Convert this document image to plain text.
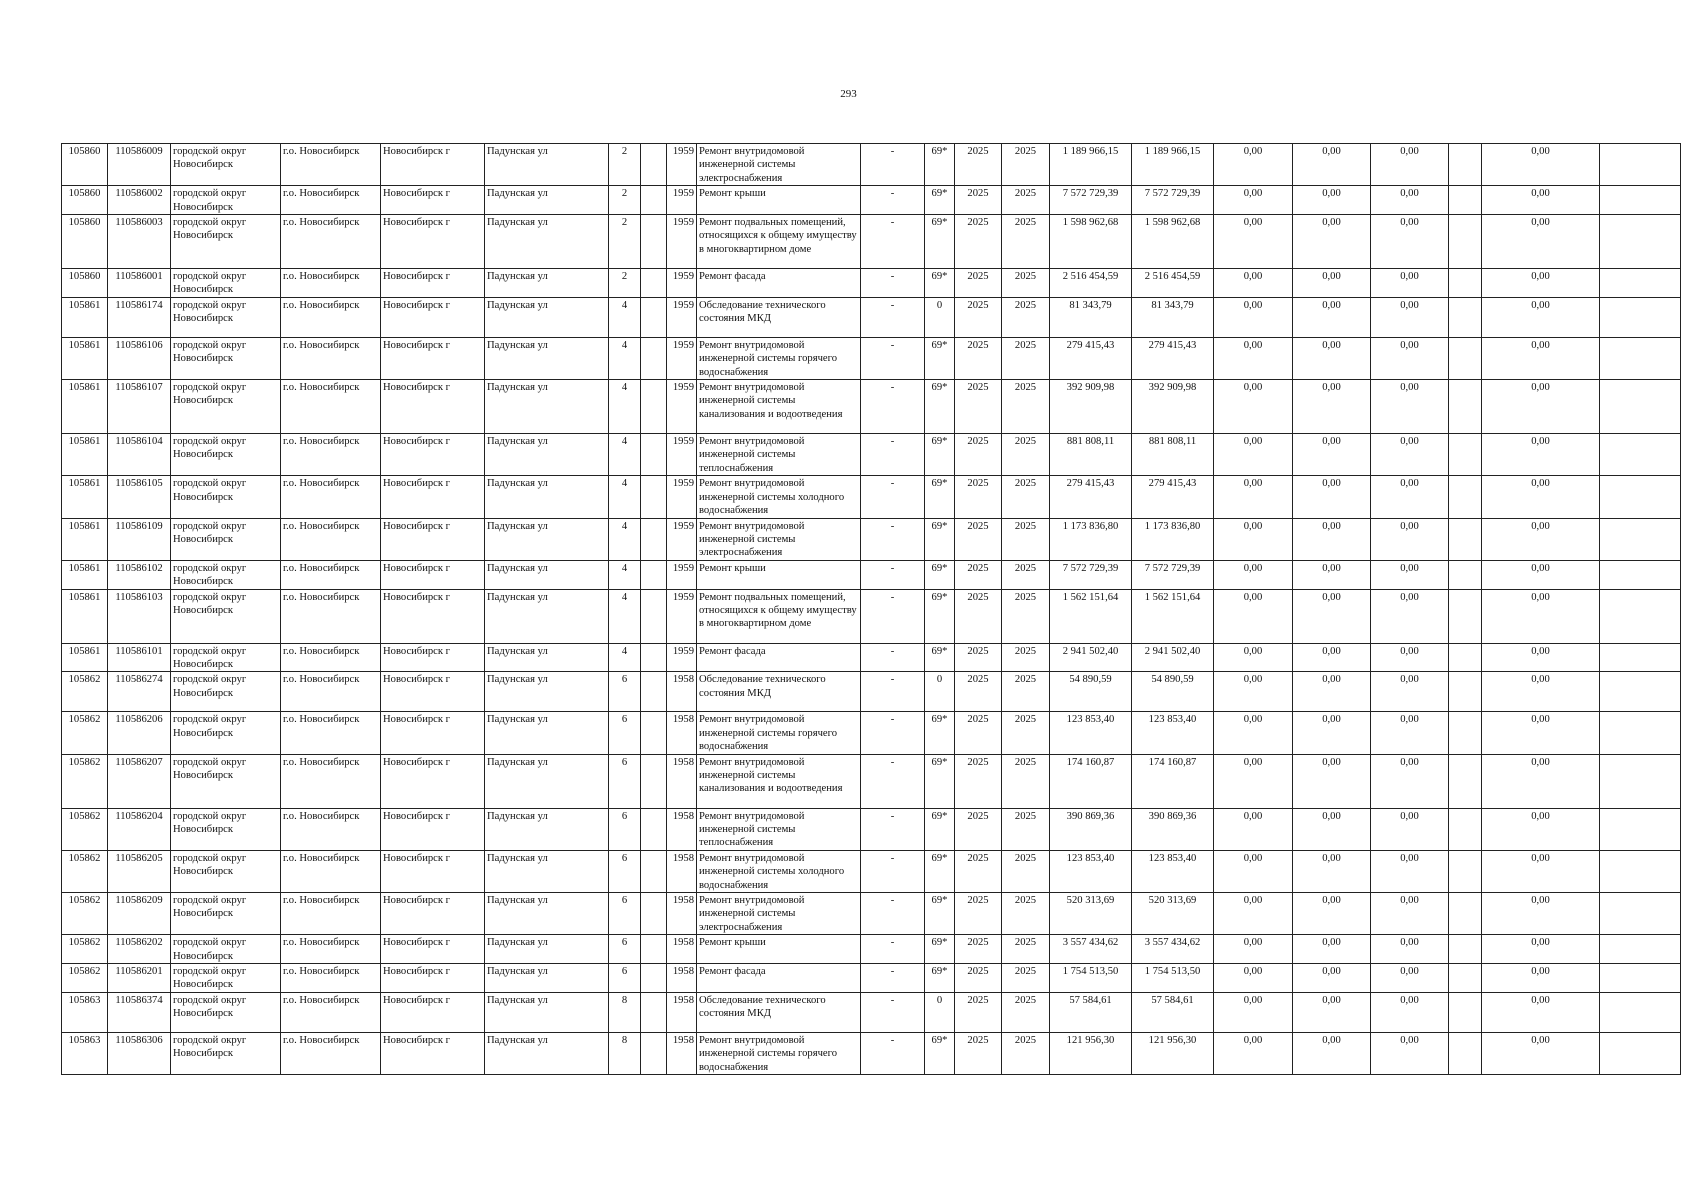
293
105860	110586009	городской округ Новосибирск	г.о. Новосибирск	Новосибирск г	Падунская ул	2		1959	Ремонт внутридомовой инженерной системы электроснабжения	-	69*	2025	2025	1 189 966,15	1 189 966,15	0,00	0,00	0,00		0,00	
105860	110586002	городской округ Новосибирск	г.о. Новосибирск	Новосибирск г	Падунская ул	2		1959	Ремонт крыши	-	69*	2025	2025	7 572 729,39	7 572 729,39	0,00	0,00	0,00		0,00	
105860	110586003	городской округ Новосибирск	г.о. Новосибирск	Новосибирск г	Падунская ул	2		1959	Ремонт подвальных помещений, относящихся к общему имуществу в многоквартирном доме	-	69*	2025	2025	1 598 962,68	1 598 962,68	0,00	0,00	0,00		0,00	
105860	110586001	городской округ Новосибирск	г.о. Новосибирск	Новосибирск г	Падунская ул	2		1959	Ремонт фасада	-	69*	2025	2025	2 516 454,59	2 516 454,59	0,00	0,00	0,00		0,00	
105861	110586174	городской округ Новосибирск	г.о. Новосибирск	Новосибирск г	Падунская ул	4		1959	Обследование технического состояния МКД	-	0	2025	2025	81 343,79	81 343,79	0,00	0,00	0,00		0,00	
105861	110586106	городской округ Новосибирск	г.о. Новосибирск	Новосибирск г	Падунская ул	4		1959	Ремонт внутридомовой инженерной системы горячего водоснабжения	-	69*	2025	2025	279 415,43	279 415,43	0,00	0,00	0,00		0,00	
105861	110586107	городской округ Новосибирск	г.о. Новосибирск	Новосибирск г	Падунская ул	4		1959	Ремонт внутридомовой инженерной системы канализования и водоотведения	-	69*	2025	2025	392 909,98	392 909,98	0,00	0,00	0,00		0,00	
105861	110586104	городской округ Новосибирск	г.о. Новосибирск	Новосибирск г	Падунская ул	4		1959	Ремонт внутридомовой инженерной системы теплоснабжения	-	69*	2025	2025	881 808,11	881 808,11	0,00	0,00	0,00		0,00	
105861	110586105	городской округ Новосибирск	г.о. Новосибирск	Новосибирск г	Падунская ул	4		1959	Ремонт внутридомовой инженерной системы холодного водоснабжения	-	69*	2025	2025	279 415,43	279 415,43	0,00	0,00	0,00		0,00	
105861	110586109	городской округ Новосибирск	г.о. Новосибирск	Новосибирск г	Падунская ул	4		1959	Ремонт внутридомовой инженерной системы электроснабжения	-	69*	2025	2025	1 173 836,80	1 173 836,80	0,00	0,00	0,00		0,00	
105861	110586102	городской округ Новосибирск	г.о. Новосибирск	Новосибирск г	Падунская ул	4		1959	Ремонт крыши	-	69*	2025	2025	7 572 729,39	7 572 729,39	0,00	0,00	0,00		0,00	
105861	110586103	городской округ Новосибирск	г.о. Новосибирск	Новосибирск г	Падунская ул	4		1959	Ремонт подвальных помещений, относящихся к общему имуществу в многоквартирном доме	-	69*	2025	2025	1 562 151,64	1 562 151,64	0,00	0,00	0,00		0,00	
105861	110586101	городской округ Новосибирск	г.о. Новосибирск	Новосибирск г	Падунская ул	4		1959	Ремонт фасада	-	69*	2025	2025	2 941 502,40	2 941 502,40	0,00	0,00	0,00		0,00	
105862	110586274	городской округ Новосибирск	г.о. Новосибирск	Новосибирск г	Падунская ул	6		1958	Обследование технического состояния МКД	-	0	2025	2025	54 890,59	54 890,59	0,00	0,00	0,00		0,00	
105862	110586206	городской округ Новосибирск	г.о. Новосибирск	Новосибирск г	Падунская ул	6		1958	Ремонт внутридомовой инженерной системы горячего водоснабжения	-	69*	2025	2025	123 853,40	123 853,40	0,00	0,00	0,00		0,00	
105862	110586207	городской округ Новосибирск	г.о. Новосибирск	Новосибирск г	Падунская ул	6		1958	Ремонт внутридомовой инженерной системы канализования и водоотведения	-	69*	2025	2025	174 160,87	174 160,87	0,00	0,00	0,00		0,00	
105862	110586204	городской округ Новосибирск	г.о. Новосибирск	Новосибирск г	Падунская ул	6		1958	Ремонт внутридомовой инженерной системы теплоснабжения	-	69*	2025	2025	390 869,36	390 869,36	0,00	0,00	0,00		0,00	
105862	110586205	городской округ Новосибирск	г.о. Новосибирск	Новосибирск г	Падунская ул	6		1958	Ремонт внутридомовой инженерной системы холодного водоснабжения	-	69*	2025	2025	123 853,40	123 853,40	0,00	0,00	0,00		0,00	
105862	110586209	городской округ Новосибирск	г.о. Новосибирск	Новосибирск г	Падунская ул	6		1958	Ремонт внутридомовой инженерной системы электроснабжения	-	69*	2025	2025	520 313,69	520 313,69	0,00	0,00	0,00		0,00	
105862	110586202	городской округ Новосибирск	г.о. Новосибирск	Новосибирск г	Падунская ул	6		1958	Ремонт крыши	-	69*	2025	2025	3 557 434,62	3 557 434,62	0,00	0,00	0,00		0,00	
105862	110586201	городской округ Новосибирск	г.о. Новосибирск	Новосибирск г	Падунская ул	6		1958	Ремонт фасада	-	69*	2025	2025	1 754 513,50	1 754 513,50	0,00	0,00	0,00		0,00	
105863	110586374	городской округ Новосибирск	г.о. Новосибирск	Новосибирск г	Падунская ул	8		1958	Обследование технического состояния МКД	-	0	2025	2025	57 584,61	57 584,61	0,00	0,00	0,00		0,00	
105863	110586306	городской округ Новосибирск	г.о. Новосибирск	Новосибирск г	Падунская ул	8		1958	Ремонт внутридомовой инженерной системы горячего водоснабжения	-	69*	2025	2025	121 956,30	121 956,30	0,00	0,00	0,00		0,00	
